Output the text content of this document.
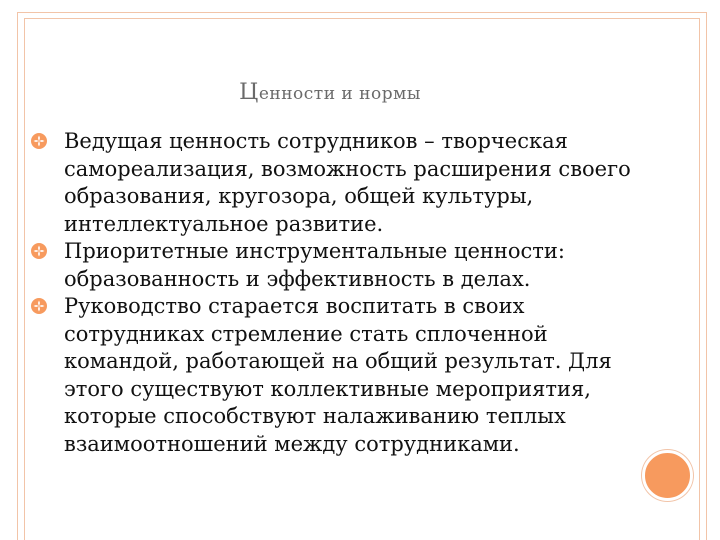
Ценности и нормы
Ведущая ценность сотрудников – творческая самореализация, возможность расширения своего образования, кругозора, общей культуры, интеллектуальное развитие.
Приоритетные инструментальные ценности: образованность и эффективность в делах.
Руководство старается воспитать в своих сотрудниках стремление стать сплоченной командой, работающей на общий результат. Для этого существуют коллективные мероприятия, которые способствуют налаживанию теплых взаимоотношений между сотрудниками.
